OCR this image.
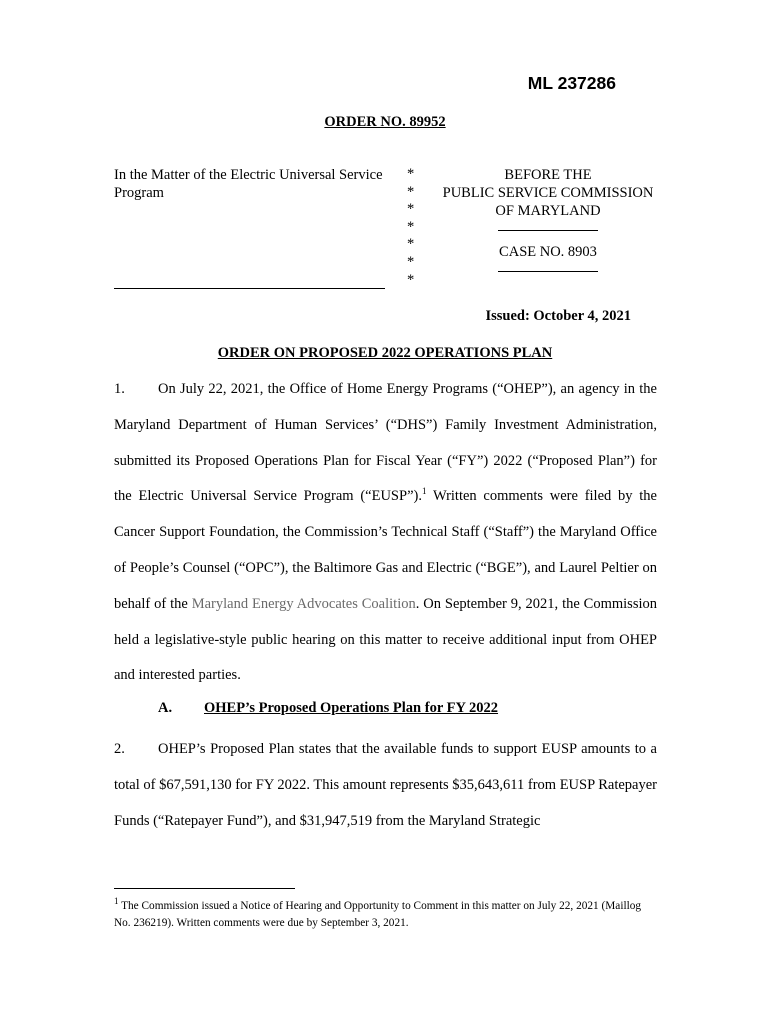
ML 237286
ORDER NO. 89952
In the Matter of the Electric Universal Service
Program
*
*
*
*
*
*
*
BEFORE THE
PUBLIC SERVICE COMMISSION
OF MARYLAND
CASE NO. 8903
Issued: October 4, 2021
ORDER ON PROPOSED 2022 OPERATIONS PLAN
1. On July 22, 2021, the Office of Home Energy Programs (“OHEP”), an agency in the Maryland Department of Human Services’ (“DHS”) Family Investment Administration, submitted its Proposed Operations Plan for Fiscal Year (“FY”) 2022 (“Proposed Plan”) for the Electric Universal Service Program (“EUSP”).$^1$ Written comments were filed by the Cancer Support Foundation, the Commission’s Technical Staff (“Staff”) the Maryland Office of People’s Counsel (“OPC”), the Baltimore Gas and Electric (“BGE”), and Laurel Peltier on behalf of the Maryland Energy Advocates Coalition. On September 9, 2021, the Commission held a legislative-style public hearing on this matter to receive additional input from OHEP and interested parties.
A. OHEP’s Proposed Operations Plan for FY 2022
2. OHEP’s Proposed Plan states that the available funds to support EUSP amounts to a total of $67,591,130 for FY 2022. This amount represents $35,643,611 from EUSP Ratepayer Funds (“Ratepayer Fund”), and $31,947,519 from the Maryland Strategic
$^1$ The Commission issued a Notice of Hearing and Opportunity to Comment in this matter on July 22, 2021 (Maillog No. 236219). Written comments were due by September 3, 2021.
